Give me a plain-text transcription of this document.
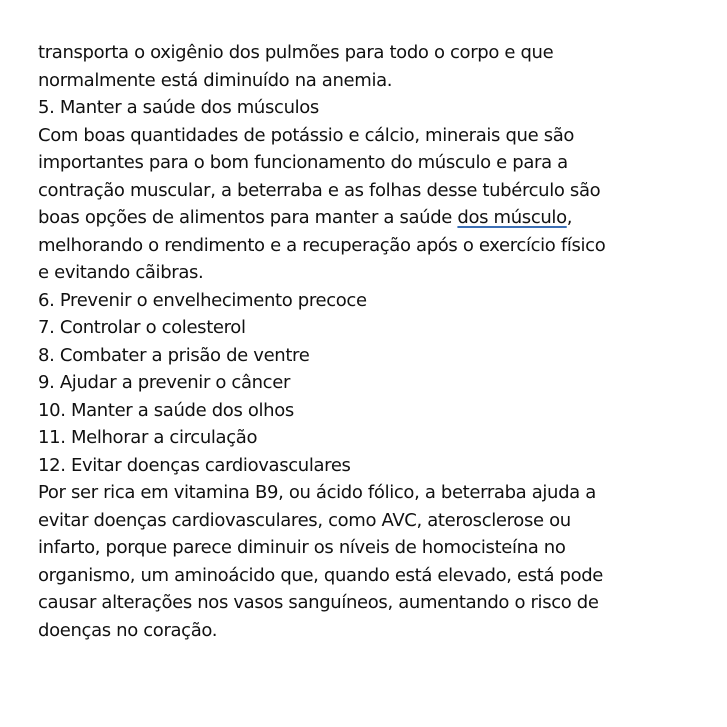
transporta o oxigênio dos pulmões para todo o corpo e que
normalmente está diminuído na anemia.
5. Manter a saúde dos músculos
Com boas quantidades de potássio e cálcio, minerais que são
importantes para o bom funcionamento do músculo e para a
contração muscular, a beterraba e as folhas desse tubérculo são
boas opções de alimentos para manter a saúde dos músculo,
melhorando o rendimento e a recuperação após o exercício físico
e evitando cãibras.
6. Prevenir o envelhecimento precoce
7. Controlar o colesterol
8. Combater a prisão de ventre
9. Ajudar a prevenir o câncer
10. Manter a saúde dos olhos
11. Melhorar a circulação
12. Evitar doenças cardiovasculares
Por ser rica em vitamina B9, ou ácido fólico, a beterraba ajuda a
evitar doenças cardiovasculares, como AVC, aterosclerose ou
infarto, porque parece diminuir os níveis de homocisteína no
organismo, um aminoácido que, quando está elevado, está pode
causar alterações nos vasos sanguíneos, aumentando o risco de
doenças no coração.
